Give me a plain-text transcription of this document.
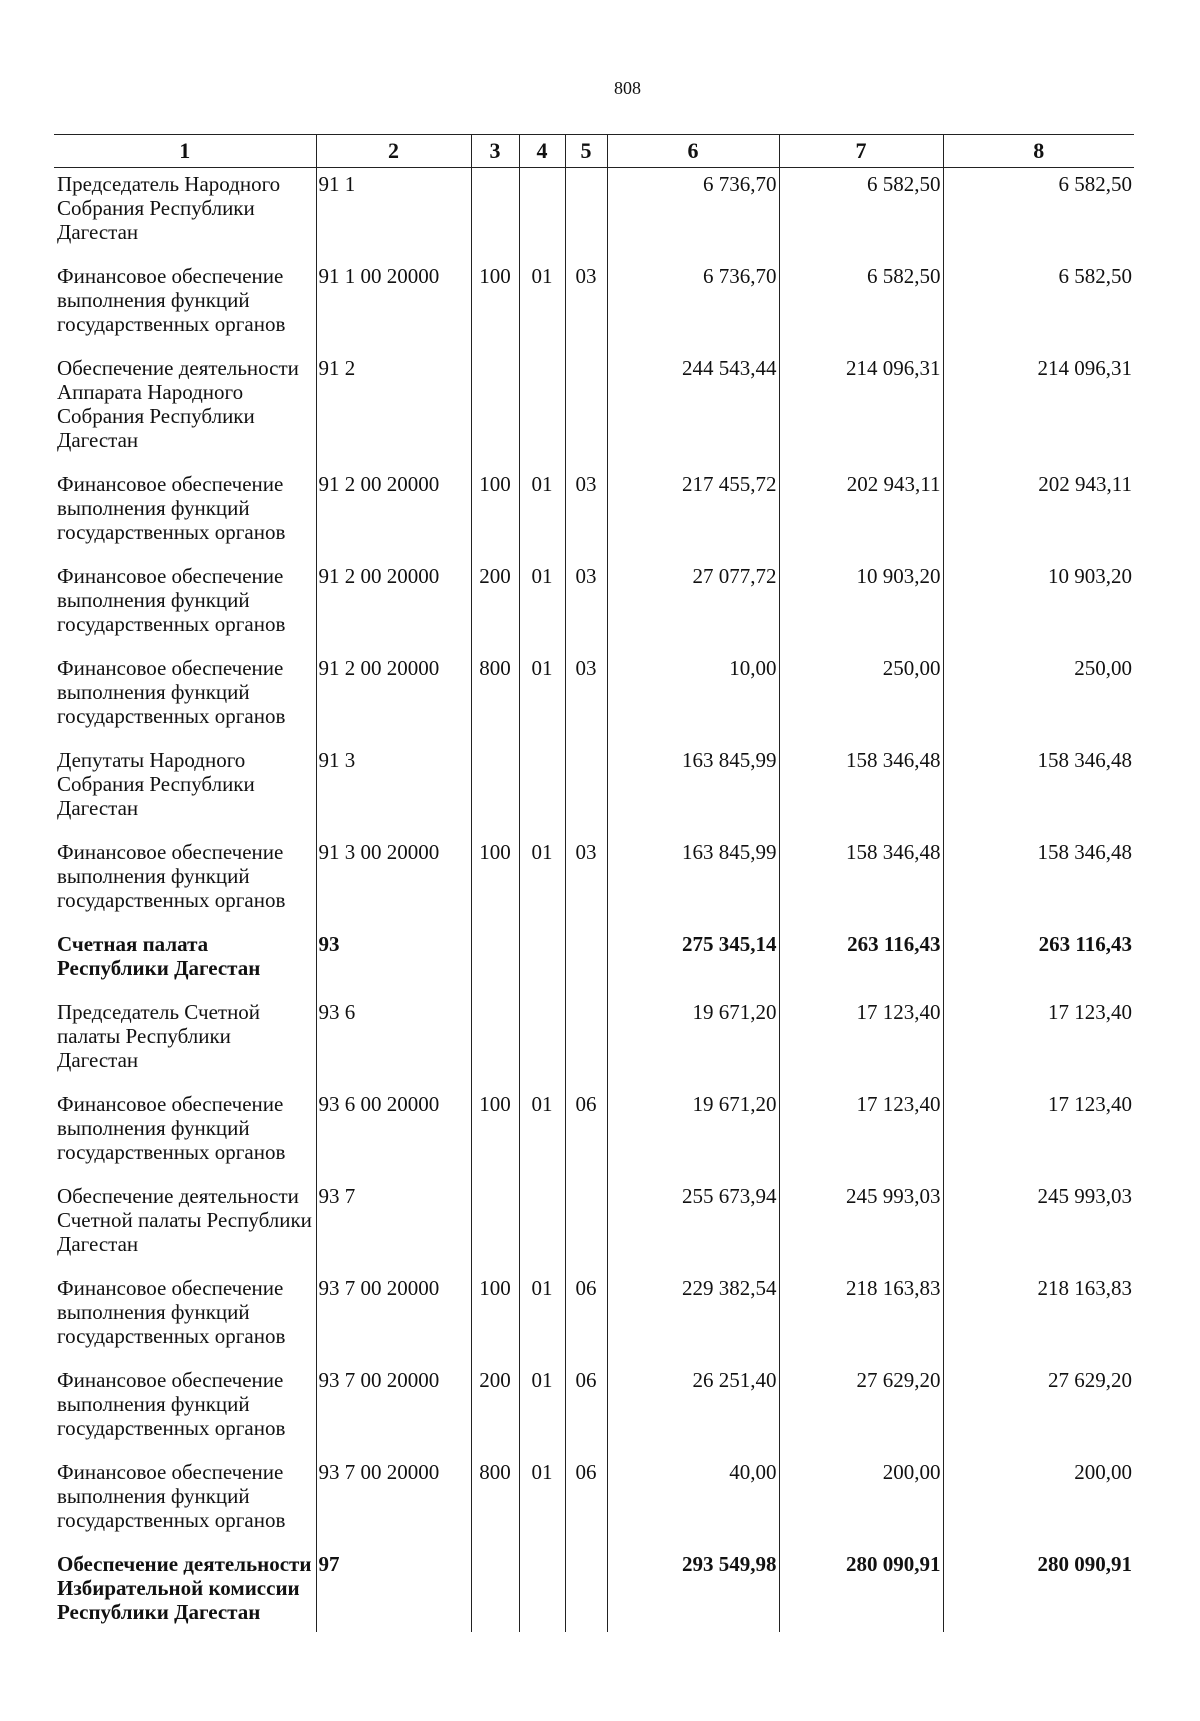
808
1	2	3	4	5	6	7	8
Председатель Народного Собрания Республики Дагестан	91 1				6 736,70	6 582,50	6 582,50
Финансовое обеспечение выполнения функций государственных органов	91 1 00 20000	100	01	03	6 736,70	6 582,50	6 582,50
Обеспечение деятельности Аппарата Народного Собрания Республики Дагестан	91 2				244 543,44	214 096,31	214 096,31
Финансовое обеспечение выполнения функций государственных органов	91 2 00 20000	100	01	03	217 455,72	202 943,11	202 943,11
Финансовое обеспечение выполнения функций государственных органов	91 2 00 20000	200	01	03	27 077,72	10 903,20	10 903,20
Финансовое обеспечение выполнения функций государственных органов	91 2 00 20000	800	01	03	10,00	250,00	250,00
Депутаты Народного Собрания Республики Дагестан	91 3				163 845,99	158 346,48	158 346,48
Финансовое обеспечение выполнения функций государственных органов	91 3 00 20000	100	01	03	163 845,99	158 346,48	158 346,48
Счетная палата Республики Дагестан	93				275 345,14	263 116,43	263 116,43
Председатель Счетной палаты Республики Дагестан	93 6				19 671,20	17 123,40	17 123,40
Финансовое обеспечение выполнения функций государственных органов	93 6 00 20000	100	01	06	19 671,20	17 123,40	17 123,40
Обеспечение деятельности Счетной палаты Республики Дагестан	93 7				255 673,94	245 993,03	245 993,03
Финансовое обеспечение выполнения функций государственных органов	93 7 00 20000	100	01	06	229 382,54	218 163,83	218 163,83
Финансовое обеспечение выполнения функций государственных органов	93 7 00 20000	200	01	06	26 251,40	27 629,20	27 629,20
Финансовое обеспечение выполнения функций государственных органов	93 7 00 20000	800	01	06	40,00	200,00	200,00
Обеспечение деятельности Избирательной комиссии Республики Дагестан	97				293 549,98	280 090,91	280 090,91
